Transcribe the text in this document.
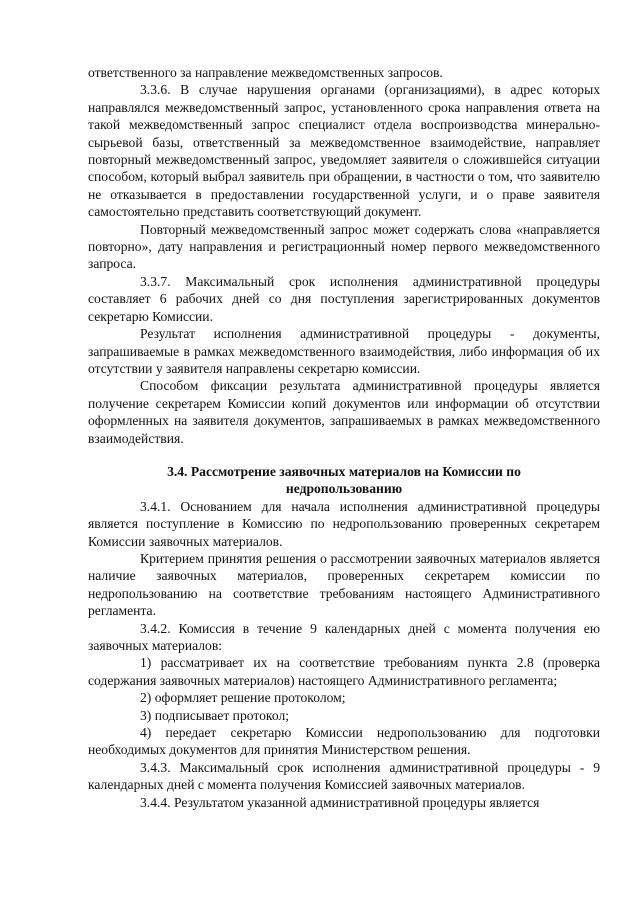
ответственного за направление межведомственных запросов.

3.3.6. В случае нарушения органами (организациями), в адрес которых направлялся межведомственный запрос, установленного срока направления ответа на такой межведомственный запрос специалист отдела воспроизводства минерально-сырьевой базы, ответственный за межведомственное взаимодействие, направляет повторный межведомственный запрос, уведомляет заявителя о сложившейся ситуации способом, который выбрал заявитель при обращении, в частности о том, что заявителю не отказывается в предоставлении государственной услуги, и о праве заявителя самостоятельно представить соответствующий документ.

Повторный межведомственный запрос может содержать слова «направляется повторно», дату направления и регистрационный номер первого межведомственного запроса.

3.3.7. Максимальный срок исполнения административной процедуры составляет 6 рабочих дней со дня поступления зарегистрированных документов секретарю Комиссии.

Результат исполнения административной процедуры - документы, запрашиваемые в рамках межведомственного взаимодействия, либо информация об их отсутствии у заявителя направлены секретарю комиссии.

Способом фиксации результата административной процедуры является получение секретарем Комиссии копий документов или информации об отсутствии оформленных на заявителя документов, запрашиваемых в рамках межведомственного взаимодействия.

3.4. Рассмотрение заявочных материалов на Комиссии по недропользованию

3.4.1. Основанием для начала исполнения административной процедуры является поступление в Комиссию по недропользованию проверенных секретарем Комиссии заявочных материалов.

Критерием принятия решения о рассмотрении заявочных материалов является наличие заявочных материалов, проверенных секретарем комиссии по недропользованию на соответствие требованиям настоящего Административного регламента.

3.4.2. Комиссия в течение 9 календарных дней с момента получения ею заявочных материалов:

1) рассматривает их на соответствие требованиям пункта 2.8 (проверка содержания заявочных материалов) настоящего Административного регламента;

2) оформляет решение протоколом;

3) подписывает протокол;

4) передает секретарю Комиссии недропользованию для подготовки необходимых документов для принятия Министерством решения.

3.4.3. Максимальный срок исполнения административной процедуры - 9 календарных дней с момента получения Комиссией заявочных материалов.

3.4.4. Результатом указанной административной процедуры является
